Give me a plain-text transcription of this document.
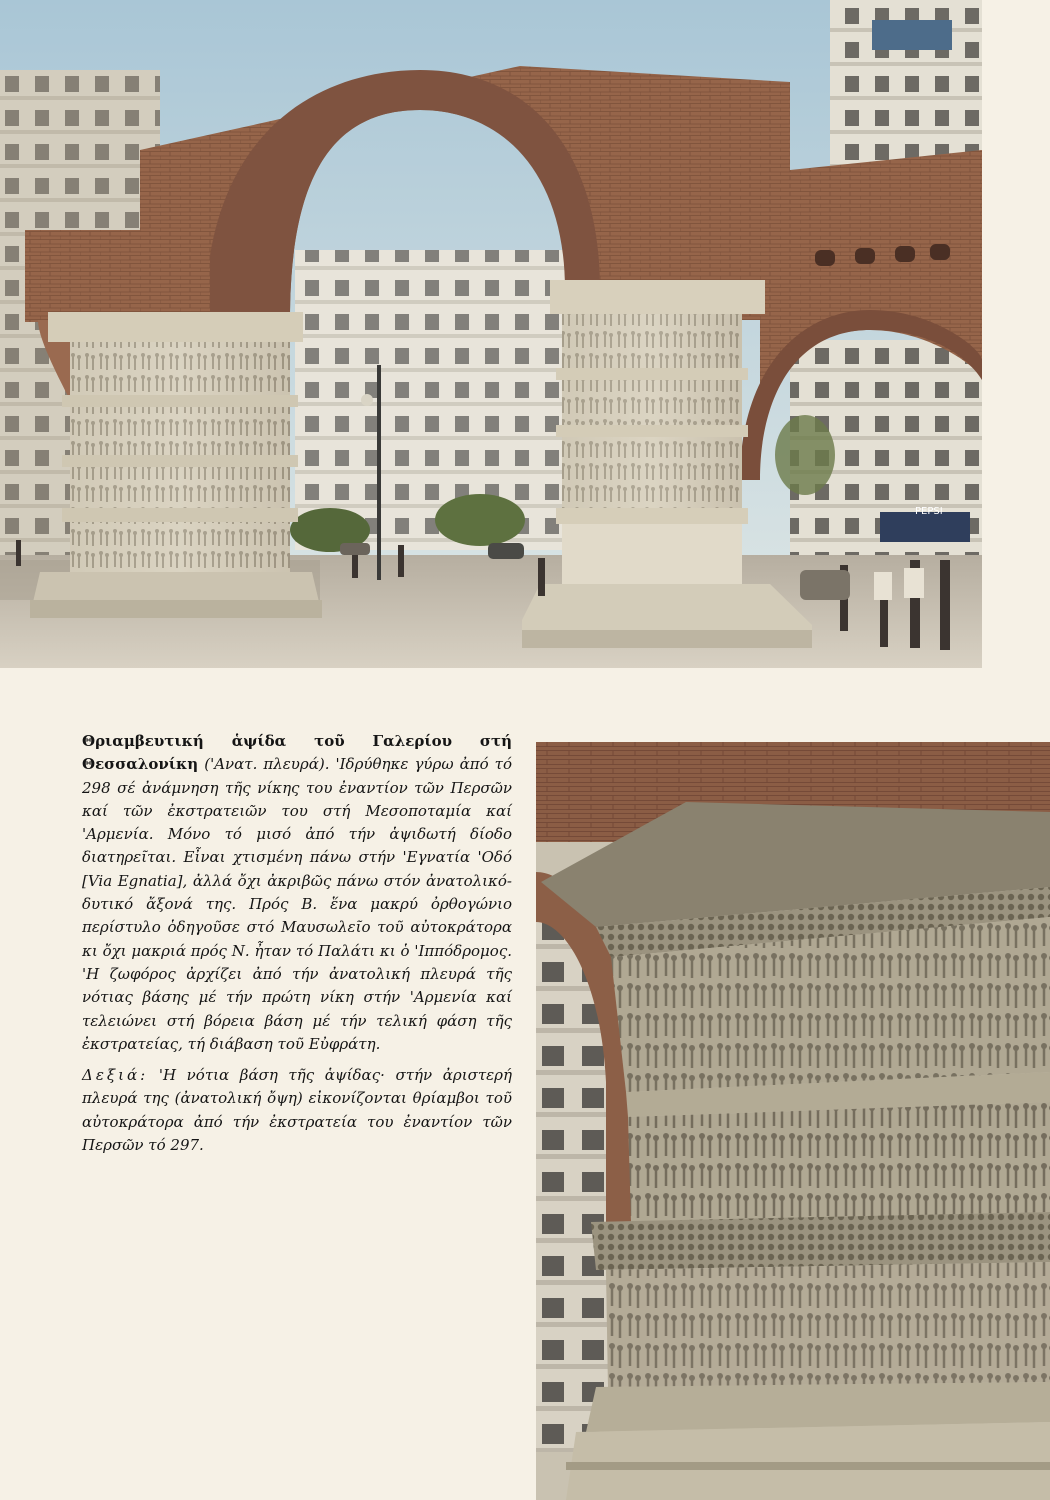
PEPSI

Θριαμβευτική ἁψίδα τοῦ Γαλερίου στή Θεσσαλονίκη ('Ανατ. πλευρά). 'Ιδρύθηκε γύρω ἀπό τό 298 σέ ἀνάμνηση τῆς νίκης του ἐναντίον τῶν Περσῶν καί τῶν ἐκστρατειῶν του στή Μεσοποταμία καί 'Αρμενία. Μόνο τό μισό ἀπό τήν ἁψιδωτή δίοδο διατηρεῖται. Εἶναι χτισμένη πάνω στήν 'Εγνατία 'Οδό [Via Egnatia], ἀλλά ὄχι ἀκριβῶς πάνω στόν ἀνατολικό-δυτικό ἄξονά της. Πρός Β. ἕνα μακρύ ὀρθογώνιο περίστυλο ὁδηγοῦσε στό Μαυσωλεῖο τοῦ αὐτοκράτορα κι ὄχι μακριά πρός Ν. ἦταν τό Παλάτι κι ὁ 'Ιππόδρομος. 'Η ζωφόρος ἀρχίζει ἀπό τήν ἀνατολική πλευρά τῆς νότιας βάσης μέ τήν πρώτη νίκη στήν 'Αρμενία καί τελειώνει στή βόρεια βάση μέ τήν τελική φάση τῆς ἐκστρατείας, τή διάβαση τοῦ Εὐφράτη.

Δεξιά: 'Η νότια βάση τῆς ἁψίδας· στήν ἀριστερή πλευρά της (ἀνατολική ὄψη) εἰκονίζονται θρίαμβοι τοῦ αὐτοκράτορα ἀπό τήν ἐκστρατεία του ἐναντίον τῶν Περσῶν τό 297.
